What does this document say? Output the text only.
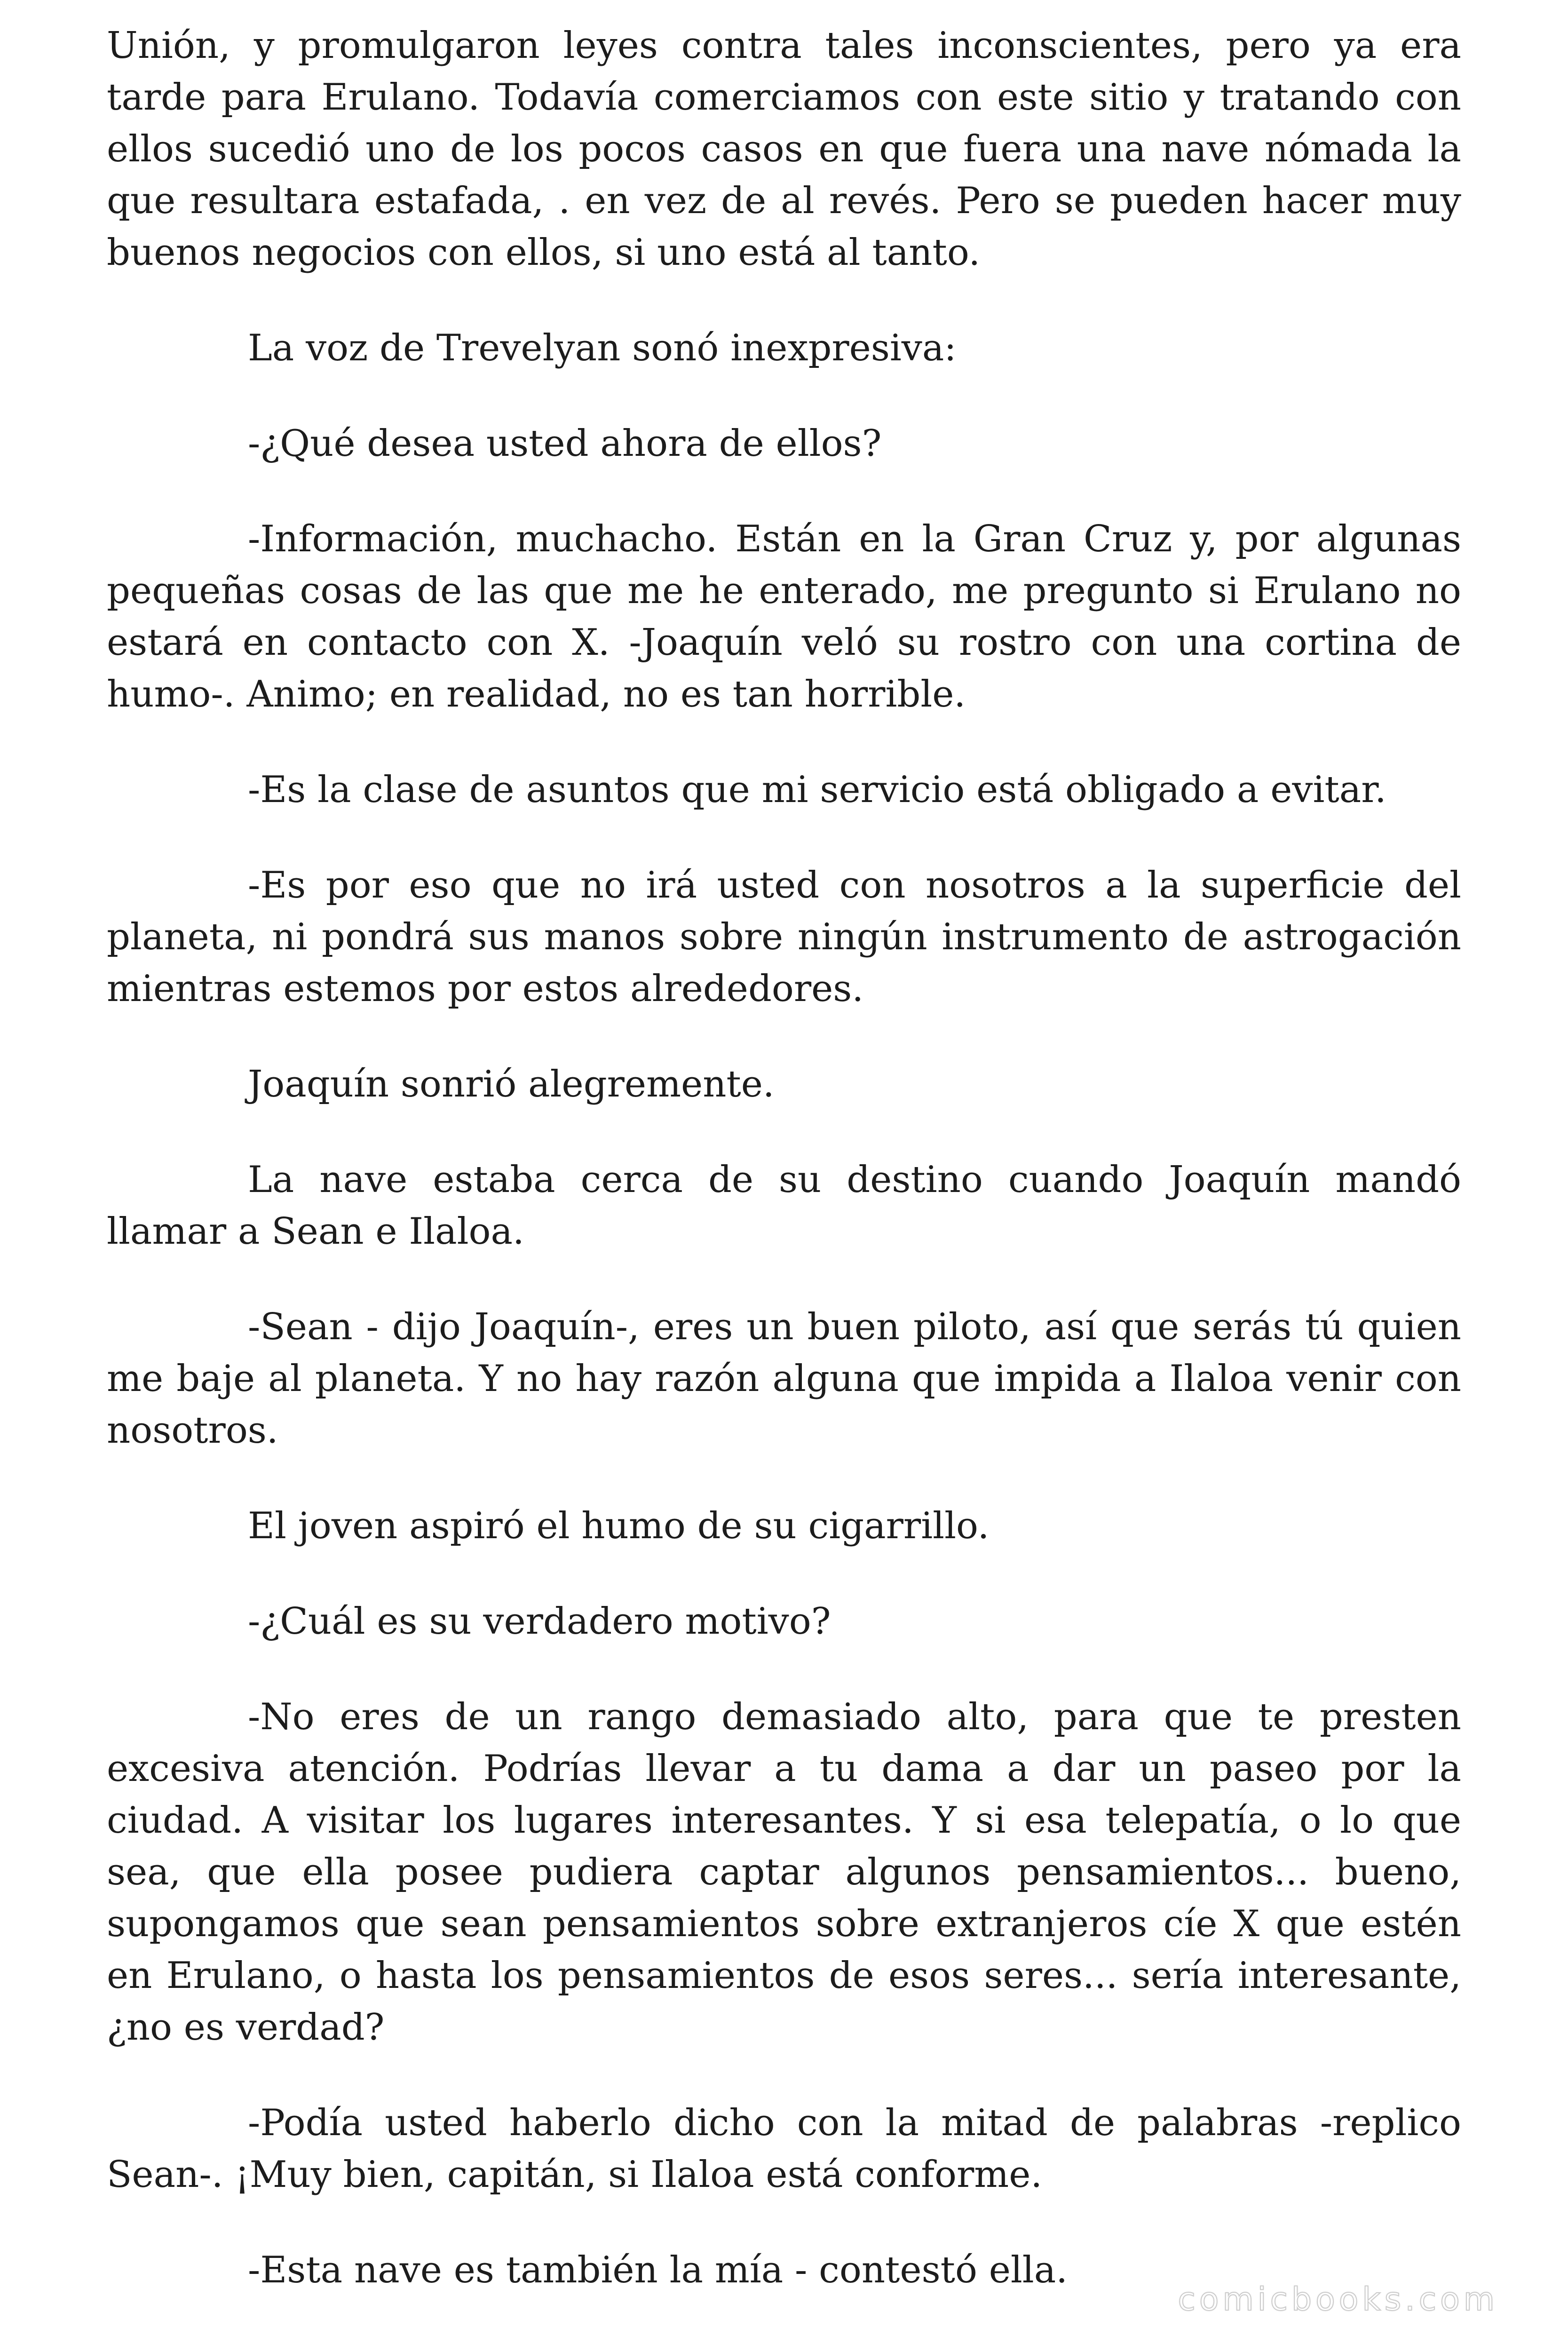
Unión, y promulgaron leyes contra tales inconscientes, pero ya era tarde para Erulano. Todavía comerciamos con este sitio y tratando con ellos sucedió uno de los pocos casos en que fuera una nave nómada la que resultara estafada, . en vez de al revés. Pero se pueden hacer muy buenos negocios con ellos, si uno está al tanto.

La voz de Trevelyan sonó inexpresiva:

-¿Qué desea usted ahora de ellos?

-Información, muchacho. Están en la Gran Cruz y, por algunas pequeñas cosas de las que me he enterado, me pregunto si Erulano no estará en contacto con X. -Joaquín veló su rostro con una cortina de humo-. Animo; en realidad, no es tan horrible.

-Es la clase de asuntos que mi servicio está obligado a evitar.

-Es por eso que no irá usted con nosotros a la superficie del planeta, ni pondrá sus manos sobre ningún instrumento de astrogación mientras estemos por estos alrededores.

Joaquín sonrió alegremente.

La nave estaba cerca de su destino cuando Joaquín mandó llamar a Sean e Ilaloa.

-Sean - dijo Joaquín-, eres un buen piloto, así que serás tú quien me baje al planeta. Y no hay razón alguna que impida a Ilaloa venir con nosotros.

El joven aspiró el humo de su cigarrillo.

-¿Cuál es su verdadero motivo?

-No eres de un rango demasiado alto, para que te presten excesiva atención. Podrías llevar a tu dama a dar un paseo por la ciudad. A visitar los lugares interesantes. Y si esa telepatía, o lo que sea, que ella posee pudiera captar algunos pensamientos... bueno, supongamos que sean pensamientos sobre extranjeros cíe X que estén en Erulano, o hasta los pensamientos de esos seres... sería interesante, ¿no es verdad?

-Podía usted haberlo dicho con la mitad de palabras -replico Sean-. ¡Muy bien, capitán, si Ilaloa está conforme.

-Esta nave es también la mía - contestó ella.

comicbooks.com
